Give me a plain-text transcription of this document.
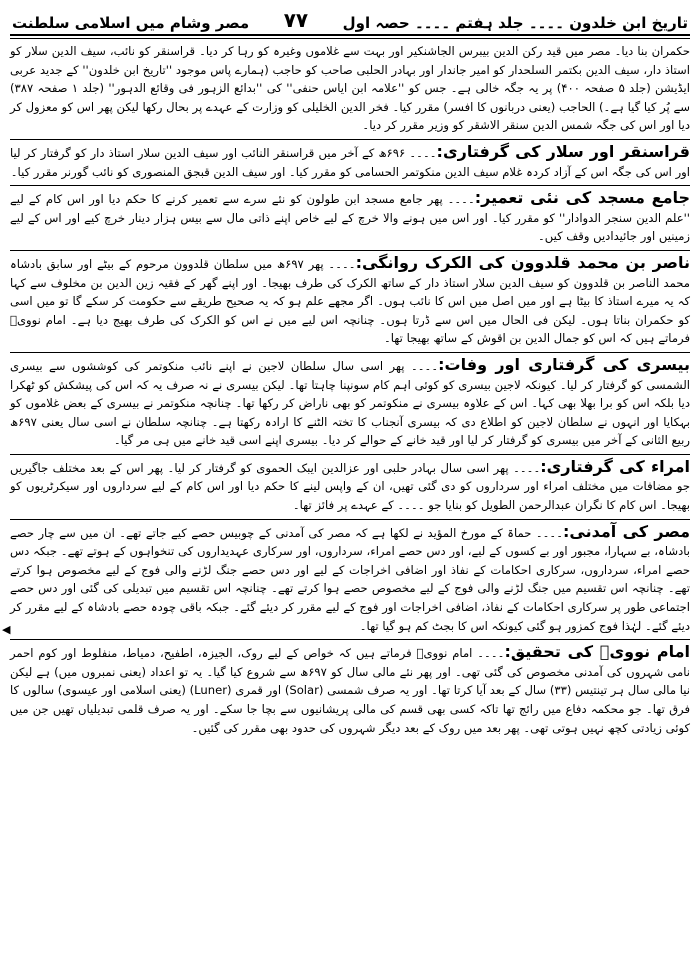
تاریخ ابن خلدون ۔۔۔۔ جلد ہفتم ۔۔۔۔ حصہ اول
۷۷
مصر وشام میں اسلامی سلطنت

حکمران بنا دیا۔ مصر میں قید رکن الدین بیبرس الجاشنکیر اور بہت سے غلاموں وغیرہ کو رہا کر دیا۔ قراسنقر کو نائب، سیف الدین سلار کو استاذ دار، سیف الدین بکتمر السلحدار کو امیر جاندار اور بہادر الحلبی صاحب کو حاجب (ہمارے پاس موجود ''تاریخ ابن خلدون'' کے جدید عربی ایڈیشن (جلد ۵ صفحہ ۴۰۰) پر یہ جگہ خالی ہے۔ جس کو ''علامہ ابن ایاس حنفی'' کی ''بدائع الزہور فی وقائع الدہور'' (جلد ۱ صفحہ ۳۸۷) سے پُر کیا گیا ہے۔) الحاجب (یعنی دربانوں کا افسر) مقرر کیا۔ فخر الدین الخلیلی کو وزارت کے عہدے پر بحال رکھا لیکن پھر اس کو معزول کر دیا اور اس کی جگہ شمس الدین سنقر الاشقر کو وزیر مقرر کر دیا۔

قراسنقر اور سلار کی گرفتاری:۔۔۔۔ ۶۹۶ھ کے آخر میں قراسنقر النائب اور سیف الدین سلار استاذ دار کو گرفتار کر لیا اور اس کی جگہ اس کے آزاد کردہ غلام سیف الدین منکوتمر الحسامی کو مقرر کیا۔ اور سیف الدین قبجق المنصوری کو نائب گورنر مقرر کیا۔

جامع مسجد کی نئی تعمیر:۔۔۔۔ پھر جامع مسجد ابن طولون کو نئے سرے سے تعمیر کرنے کا حکم دیا اور اس کام کے لیے ''علم الدین سنجر الدوادار'' کو مقرر کیا۔ اور اس میں ہونے والا خرچ کے لیے خاص اپنے ذاتی مال سے بیس ہزار دینار خرچ کیے اور اس کے لیے زمینیں اور جائیدادیں وقف کیں۔

ناصر بن محمد قلدوون کی الکرک روانگی:۔۔۔۔ پھر ۶۹۷ھ میں سلطان قلدوون مرحوم کے بیٹے اور سابق بادشاہ محمد الناصر بن قلدوون کو سیف الدین سلار استاذ دار کے ساتھ الکرک کی طرف بھیجا۔ اور اپنے گھر کے فقیہ زین الدین بن مخلوف سے کہا کہ یہ میرے استاذ کا بیٹا ہے اور میں اصل میں اس کا نائب ہوں۔ اگر مجھے علم ہو کہ یہ صحیح طریقے سے حکومت کر سکے گا تو میں اسی کو حکمران بناتا ہوں۔ لیکن فی الحال میں اس سے ڈرتا ہوں۔ چنانچہ اس لیے میں نے اس کو الکرک کی طرف بھیج دیا ہے۔ امام نوویؒ فرماتے ہیں کہ اس کو جمال الدین بن اقوش کے ساتھ بھیجا تھا۔

بیسری کی گرفتاری اور وفات:۔۔۔۔ پھر اسی سال سلطان لاجین نے اپنے نائب منکوتمر کی کوششوں سے بیسری الشمسی کو گرفتار کر لیا۔ کیونکہ لاجین بیسری کو کوئی اہم کام سونپنا چاہتا تھا۔ لیکن بیسری نے نہ صرف یہ کہ اس کی پیشکش کو ٹھکرا دیا بلکہ اس کو برا بھلا بھی کہا۔ اس کے علاوہ بیسری نے منکوتمر کو بھی ناراض کر رکھا تھا۔ چنانچہ منکوتمر نے بیسری کے بعض غلاموں کو بہکایا اور انہوں نے سلطان لاجین کو اطلاع دی کہ بیسری آنجناب کا تختہ الٹنے کا ارادہ رکھتا ہے۔ چنانچہ سلطان نے اسی سال یعنی ۶۹۷ھ ربیع الثانی کے آخر میں بیسری کو گرفتار کر لیا اور قید خانے کے حوالے کر دیا۔ بیسری اپنے اسی قید خانے میں ہی مر گیا۔

امراء کی گرفتاری:۔۔۔۔ پھر اسی سال بہادر حلبی اور عزالدین ایبک الحموی کو گرفتار کر لیا۔ پھر اس کے بعد مختلف جاگیریں جو مضافات میں مختلف امراء اور سرداروں کو دی گئی تھیں، ان کے واپس لینے کا حکم دیا اور اس کام کے لیے سرداروں اور سیکرٹریوں کو بھیجا۔ اس کام کا نگران عبدالرحمن الطویل کو بنایا جو ۔۔۔۔ کے عہدے پر فائز تھا۔

مصر کی آمدنی:۔۔۔۔ حماۃ کے مورخ المؤید نے لکھا ہے کہ مصر کی آمدنی کے چوبیس حصے کیے جاتے تھے۔ ان میں سے چار حصے بادشاہ، بے سہارا، مجبور اور بے کسوں کے لیے، اور دس حصے امراء، سرداروں، اور سرکاری عہدیداروں کی تنخواہوں کے ہوتے تھے۔ جبکہ دس حصے امراء، سرداروں، سرکاری احکامات کے نفاذ اور اضافی اخراجات کے لیے اور دس حصے جنگ لڑنے والی فوج کے لیے مخصوص ہوا کرتے تھے۔ چنانچہ اس تقسیم میں جنگ لڑنے والی فوج کے لیے مخصوص حصے ہوا کرتے تھے۔ چنانچہ اس تقسیم میں تبدیلی کی گئی اور دس حصے اجتماعی طور پر سرکاری احکامات کے نفاذ، اضافی اخراجات اور فوج کے لیے مقرر کر دیئے گئے۔ جبکہ باقی چودہ حصے بادشاہ کے لیے مقرر کر دیئے گئے۔ لہٰذا فوج کمزور ہو گئی کیونکہ اس کا بجٹ کم ہو گیا تھا۔

امام نوویؒ کی تحقیق:۔۔۔۔ امام نوویؒ فرماتے ہیں کہ خواص کے لیے روک، الجیزہ، اطفیح، دمیاط، منفلوط اور کوم احمر نامی شہروں کی آمدنی مخصوص کی گئی تھی۔ اور پھر نئے مالی سال کو ۶۹۷ھ سے شروع کیا گیا۔ یہ تو اعداد (یعنی نمبروں میں) ہے لیکن نیا مالی سال ہر تینتیس (۳۳) سال کے بعد آیا کرتا تھا۔ اور یہ صرف شمسی (Solar) اور قمری (Luner) (یعنی اسلامی اور عیسوی) سالوں کا فرق تھا۔ جو محکمہ دفاع میں رائج تھا تاکہ کسی بھی قسم کی مالی پریشانیوں سے بچا جا سکے۔ اور یہ صرف قلمی تبدیلیاں تھیں جن میں کوئی زیادتی کچھ نہیں ہوتی تھی۔ پھر بعد میں روک کے بعد دیگر شہروں کی حدود بھی مقرر کی گئیں۔

◀
